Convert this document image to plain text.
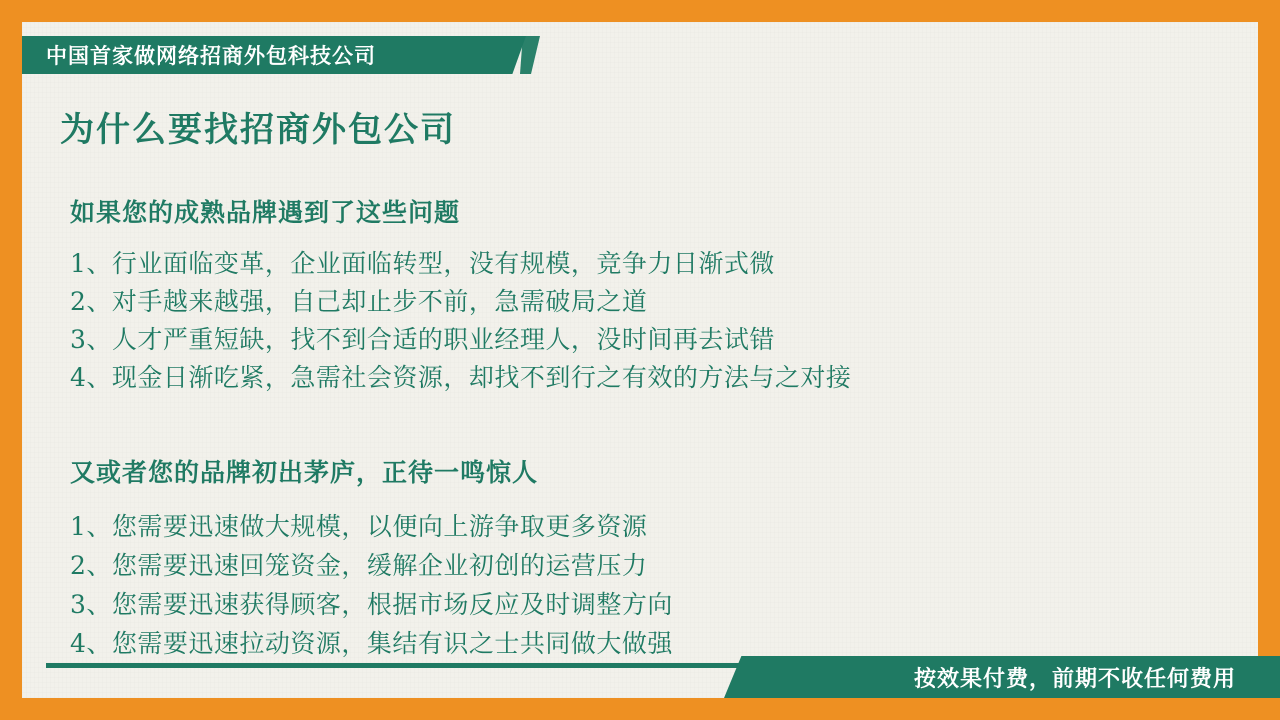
中国首家做网络招商外包科技公司
为什么要找招商外包公司
如果您的成熟品牌遇到了这些问题
1、行业面临变革，企业面临转型，没有规模，竞争力日渐式微
2、对手越来越强，自己却止步不前，急需破局之道
3、人才严重短缺，找不到合适的职业经理人，没时间再去试错
4、现金日渐吃紧，急需社会资源，却找不到行之有效的方法与之对接
又或者您的品牌初出茅庐，正待一鸣惊人
1、您需要迅速做大规模，以便向上游争取更多资源
2、您需要迅速回笼资金，缓解企业初创的运营压力
3、您需要迅速获得顾客，根据市场反应及时调整方向
4、您需要迅速拉动资源，集结有识之士共同做大做强
按效果付费，前期不收任何费用
